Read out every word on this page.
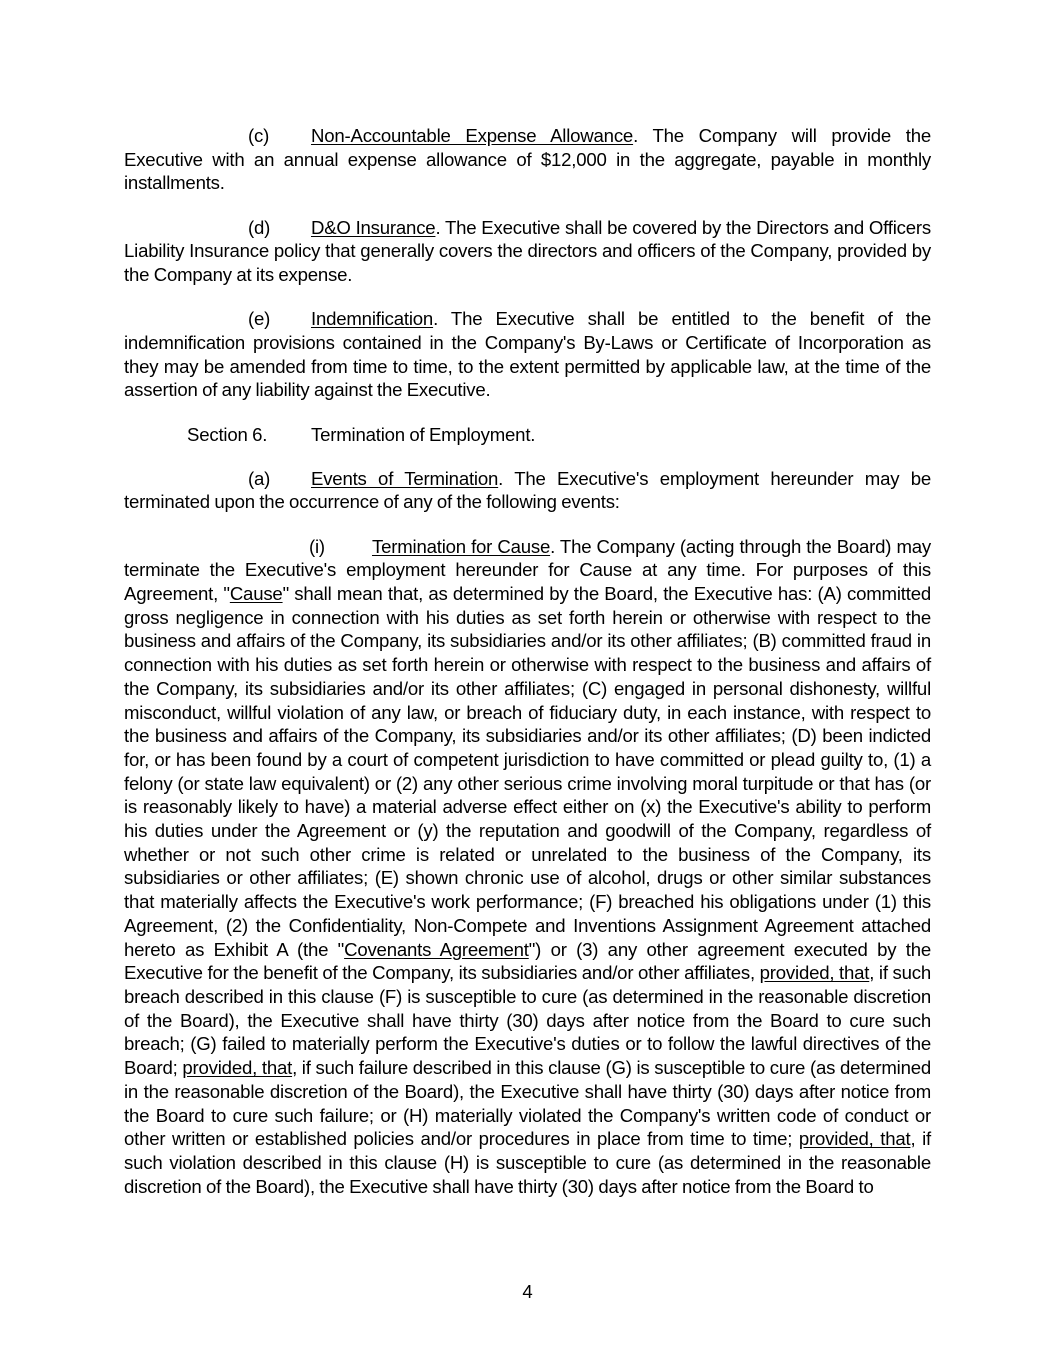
(c) Non-Accountable Expense Allowance. The Company will provide the Executive with an annual expense allowance of $12,000 in the aggregate, payable in monthly installments.

(d) D&O Insurance. The Executive shall be covered by the Directors and Officers Liability Insurance policy that generally covers the directors and officers of the Company, provided by the Company at its expense.

(e) Indemnification. The Executive shall be entitled to the benefit of the indemnification provisions contained in the Company's By-Laws or Certificate of Incorporation as they may be amended from time to time, to the extent permitted by applicable law, at the time of the assertion of any liability against the Executive.

Section 6. Termination of Employment.

(a) Events of Termination. The Executive's employment hereunder may be terminated upon the occurrence of any of the following events:

(i)	Termination for Cause. The Company (acting through the Board) may terminate the Executive's employment hereunder for Cause at any time. For purposes of this Agreement, "Cause" shall mean that, as determined by the Board, the Executive has: (A) committed gross negligence in connection with his duties as set forth herein or otherwise with respect to the business and affairs of the Company, its subsidiaries and/or its other affiliates; (B) committed fraud in connection with his duties as set forth herein or otherwise with respect to the business and affairs of the Company, its subsidiaries and/or its other affiliates; (C) engaged in personal dishonesty, willful misconduct, willful violation of any law, or breach of fiduciary duty, in each instance, with respect to the business and affairs of the Company, its subsidiaries and/or its other affiliates; (D) been indicted for, or has been found by a court of competent jurisdiction to have committed or plead guilty to, (1) a felony (or state law equivalent) or (2) any other serious crime involving moral turpitude or that has (or is reasonably likely to have) a material adverse effect either on (x) the Executive's ability to perform his duties under the Agreement or (y) the reputation and goodwill of the Company, regardless of whether or not such other crime is related or unrelated to the business of the Company, its subsidiaries or other affiliates; (E) shown chronic use of alcohol, drugs or other similar substances that materially affects the Executive's work performance; (F) breached his obligations under (1) this Agreement, (2) the Confidentiality, Non-Compete and Inventions Assignment Agreement attached hereto as Exhibit A (the "Covenants Agreement") or (3) any other agreement executed by the Executive for the benefit of the Company, its subsidiaries and/or other affiliates, provided, that, if such breach described in this clause (F) is susceptible to cure (as determined in the reasonable discretion of the Board), the Executive shall have thirty (30) days after notice from the Board to cure such breach; (G) failed to materially perform the Executive's duties or to follow the lawful directives of the Board; provided, that, if such failure described in this clause (G) is susceptible to cure (as determined in the reasonable discretion of the Board), the Executive shall have thirty (30) days after notice from the Board to cure such failure; or (H) materially violated the Company's written code of conduct or other written or established policies and/or procedures in place from time to time; provided, that, if such violation described in this clause (H) is susceptible to cure (as determined in the reasonable discretion of the Board), the Executive shall have thirty (30) days after notice from the Board to

4
